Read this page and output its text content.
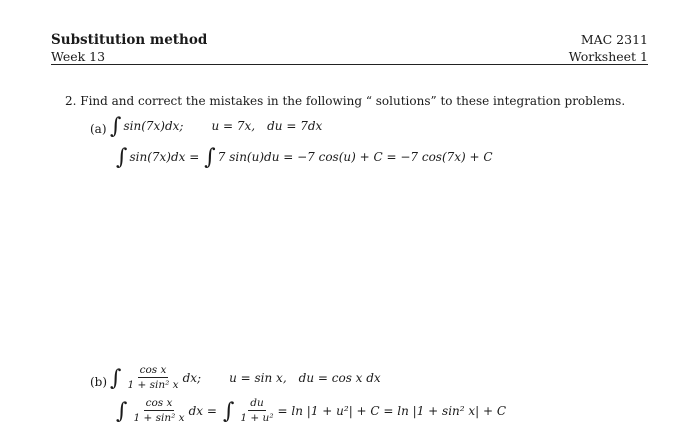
Substitution method
Week 13
MAC 2311
Worksheet 1
2. Find and correct the mistakes in the following “ solutions” to these integration problems.
(a) ∫ sin(7x)dx; u = 7x, du = 7dx
∫ sin(7x)dx = ∫ 7 sin(u)du = −7 cos(u) + C = −7 cos(7x) + C
(b) ∫ $\frac{\text{cos x}}{\text{1 + sin² x}}$ dx; u = sin x, du = cos x dx
∫ $\frac{\text{cos x}}{\text{1 + sin² x}}$ dx = ∫ $\frac{du}{\text{1 + u²}} = \ln |1 + u^2| + C = \ln |1 + \sin^2$ x| + C
